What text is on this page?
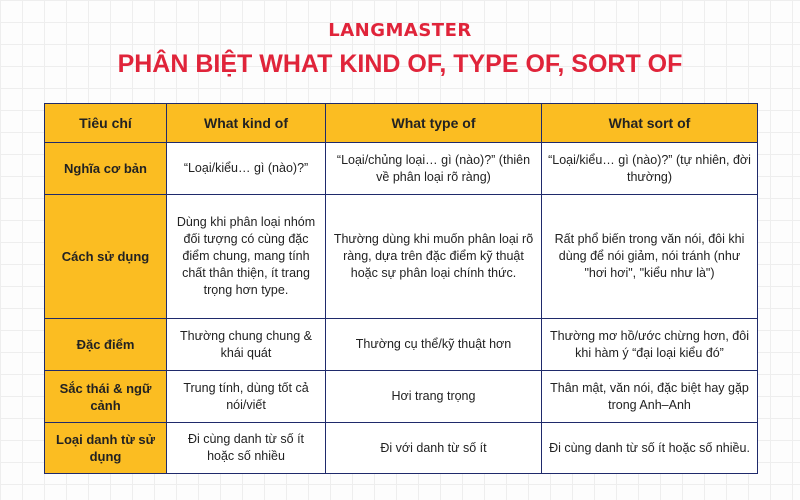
LANGMASTER
PHÂN BIỆT WHAT KIND OF, TYPE OF, SORT OF
Tiêu chí	What kind of	What type of	What sort of
Nghĩa cơ bản	“Loại/kiểu… gì (nào)?”	“Loại/chủng loại… gì (nào)?” (thiên về phân loại rõ ràng)	“Loại/kiểu… gì (nào)?” (tự nhiên, đời thường)
Cách sử dụng	Dùng khi phân loại nhóm đối tượng có cùng đặc điểm chung, mang tính chất thân thiện, ít trang trọng hơn type.	Thường dùng khi muốn phân loại rõ ràng, dựa trên đặc điểm kỹ thuật hoặc sự phân loại chính thức.	Rất phổ biến trong văn nói, đôi khi dùng để nói giảm, nói tránh (như "hơi hơi", "kiểu như là")
Đặc điểm	Thường chung chung & khái quát	Thường cụ thể/kỹ thuật hơn	Thường mơ hồ/ước chừng hơn, đôi khi hàm ý “đại loại kiểu đó”
Sắc thái & ngữ cảnh	Trung tính, dùng tốt cả nói/viết	Hơi trang trọng	Thân mật, văn nói, đặc biệt hay gặp trong Anh–Anh
Loại danh từ sử dụng	Đi cùng danh từ số ít hoặc số nhiều	Đi với danh từ số ít	Đi cùng danh từ số ít hoặc số nhiều.
